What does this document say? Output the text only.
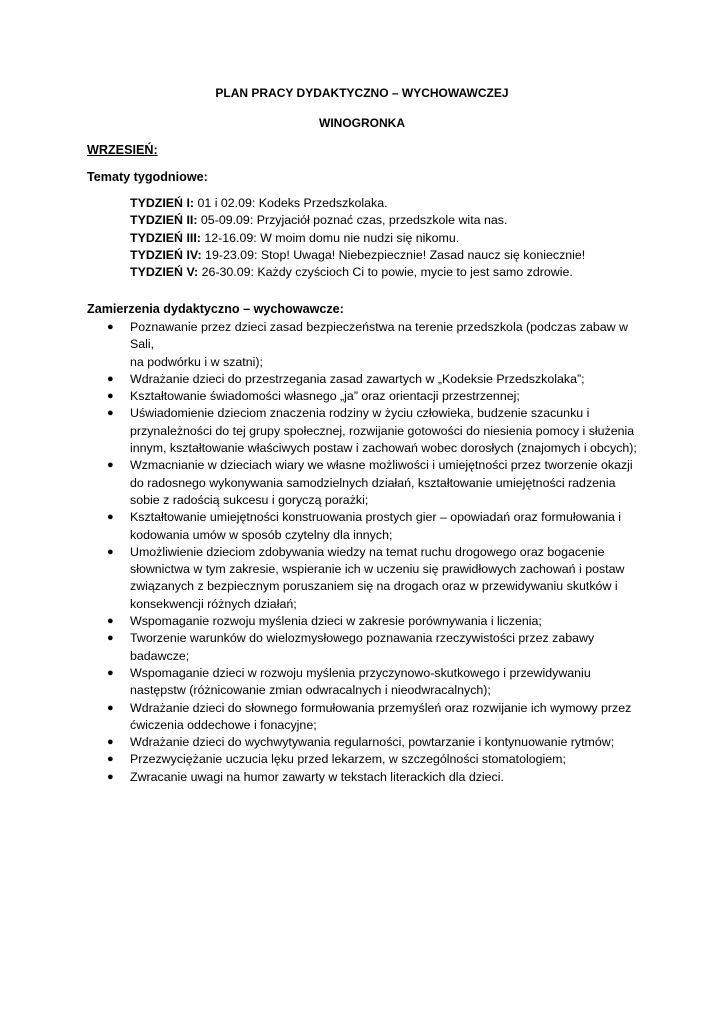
PLAN PRACY DYDAKTYCZNO – WYCHOWAWCZEJ

WINOGRONKA

WRZESIEŃ:

Tematy tygodniowe:

TYDZIEŃ I: 01 i 02.09: Kodeks Przedszkolaka.
TYDZIEŃ II: 05-09.09: Przyjaciół poznać czas, przedszkole wita nas.
TYDZIEŃ III: 12-16.09: W moim domu nie nudzi się nikomu.
TYDZIEŃ IV: 19-23.09: Stop! Uwaga! Niebezpiecznie! Zasad naucz się koniecznie!
TYDZIEŃ V: 26-30.09: Każdy czyścioch Ci to powie, mycie to jest samo zdrowie.

Zamierzenia dydaktyczno – wychowawcze:

● Poznawanie przez dzieci zasad bezpieczeństwa na terenie przedszkola (podczas zabaw w Sali,
na podwórku i w szatni);
● Wdrażanie dzieci do przestrzegania zasad zawartych w „Kodeksie Przedszkolaka”;
● Kształtowanie świadomości własnego „ja” oraz orientacji przestrzennej;
● Uświadomienie dzieciom znaczenia rodziny w życiu człowieka, budzenie szacunku i
przynależności do tej grupy społecznej, rozwijanie gotowości do niesienia pomocy i służenia
innym, kształtowanie właściwych postaw i zachowań wobec dorosłych (znajomych i obcych);
● Wzmacnianie w dzieciach wiary we własne możliwości i umiejętności przez tworzenie okazji
do radosnego wykonywania samodzielnych działań, kształtowanie umiejętności radzenia
sobie z radością sukcesu i goryczą porażki;
● Kształtowanie umiejętności konstruowania prostych gier – opowiadań oraz formułowania i
kodowania umów w sposób czytelny dla innych;
● Umożliwienie dzieciom zdobywania wiedzy na temat ruchu drogowego oraz bogacenie
słownictwa w tym zakresie, wspieranie ich w uczeniu się prawidłowych zachowań i postaw
związanych z bezpiecznym poruszaniem się na drogach oraz w przewidywaniu skutków i
konsekwencji różnych działań;
● Wspomaganie rozwoju myślenia dzieci w zakresie porównywania i liczenia;
● Tworzenie warunków do wielozmysłowego poznawania rzeczywistości przez zabawy
badawcze;
● Wspomaganie dzieci w rozwoju myślenia przyczynowo-skutkowego i przewidywaniu
następstw (różnicowanie zmian odwracalnych i nieodwracalnych);
● Wdrażanie dzieci do słownego formułowania przemyśleń oraz rozwijanie ich wymowy przez
ćwiczenia oddechowe i fonacyjne;
● Wdrażanie dzieci do wychwytywania regularności, powtarzanie i kontynuowanie rytmów;
● Przezwyciężanie uczucia lęku przed lekarzem, w szczególności stomatologiem;
● Zwracanie uwagi na humor zawarty w tekstach literackich dla dzieci.
